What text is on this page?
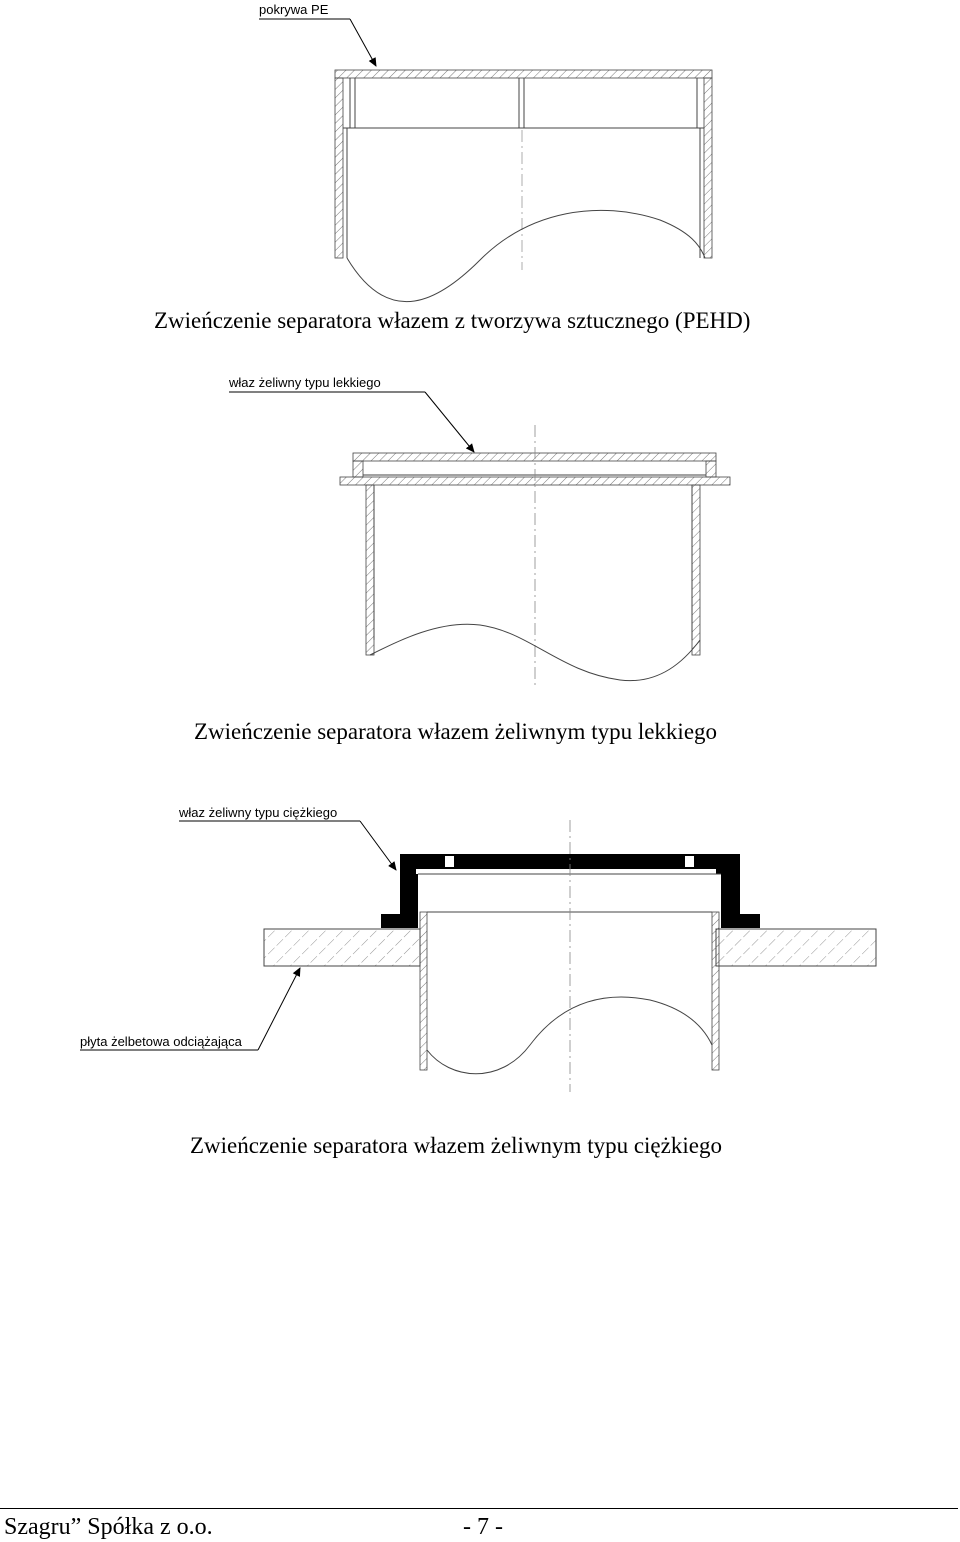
pokrywa PE
właz żeliwny typu lekkiego
właz żeliwny typu ciężkiego
płyta żelbetowa odciążająca
Zwieńczenie separatora włazem z tworzywa sztucznego (PEHD)
Zwieńczenie separatora włazem żeliwnym typu lekkiego
Zwieńczenie separatora włazem żeliwnym typu ciężkiego
Szagru” Spółka z o.o.	- 7 -
